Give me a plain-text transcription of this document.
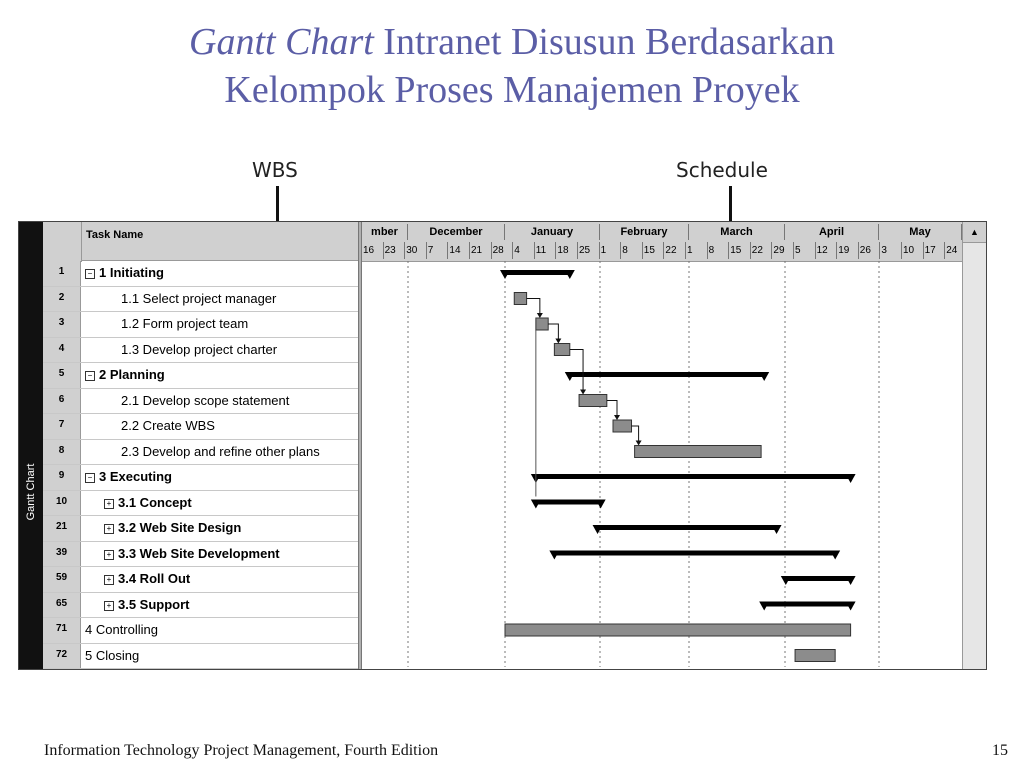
Gantt Chart Intranet Disusun Berdasarkan
Kelompok Proses Manajemen Proyek
WBS	Schedule
Gantt Chart
Task Name
1	− 1 Initiating
2	1.1 Select project manager
3	1.2 Form project team
4	1.3 Develop project charter
5	− 2 Planning
6	2.1 Develop scope statement
7	2.2 Create WBS
8	2.3 Develop and refine other plans
9	− 3 Executing
10	+ 3.1 Concept
21	+ 3.2 Web Site Design
39	+ 3.3 Web Site Development
59	+ 3.4 Roll Out
65	+ 3.5 Support
71	4 Controlling
72	5 Closing
mber	December	January	February	March	April	May
16	23	30	7	14	21	28	4	11	18	25	1	8	15	22	1	8	15	22	29	5	12	19	26	3	10	17	24
▲
Information Technology Project Management, Fourth Edition	15
